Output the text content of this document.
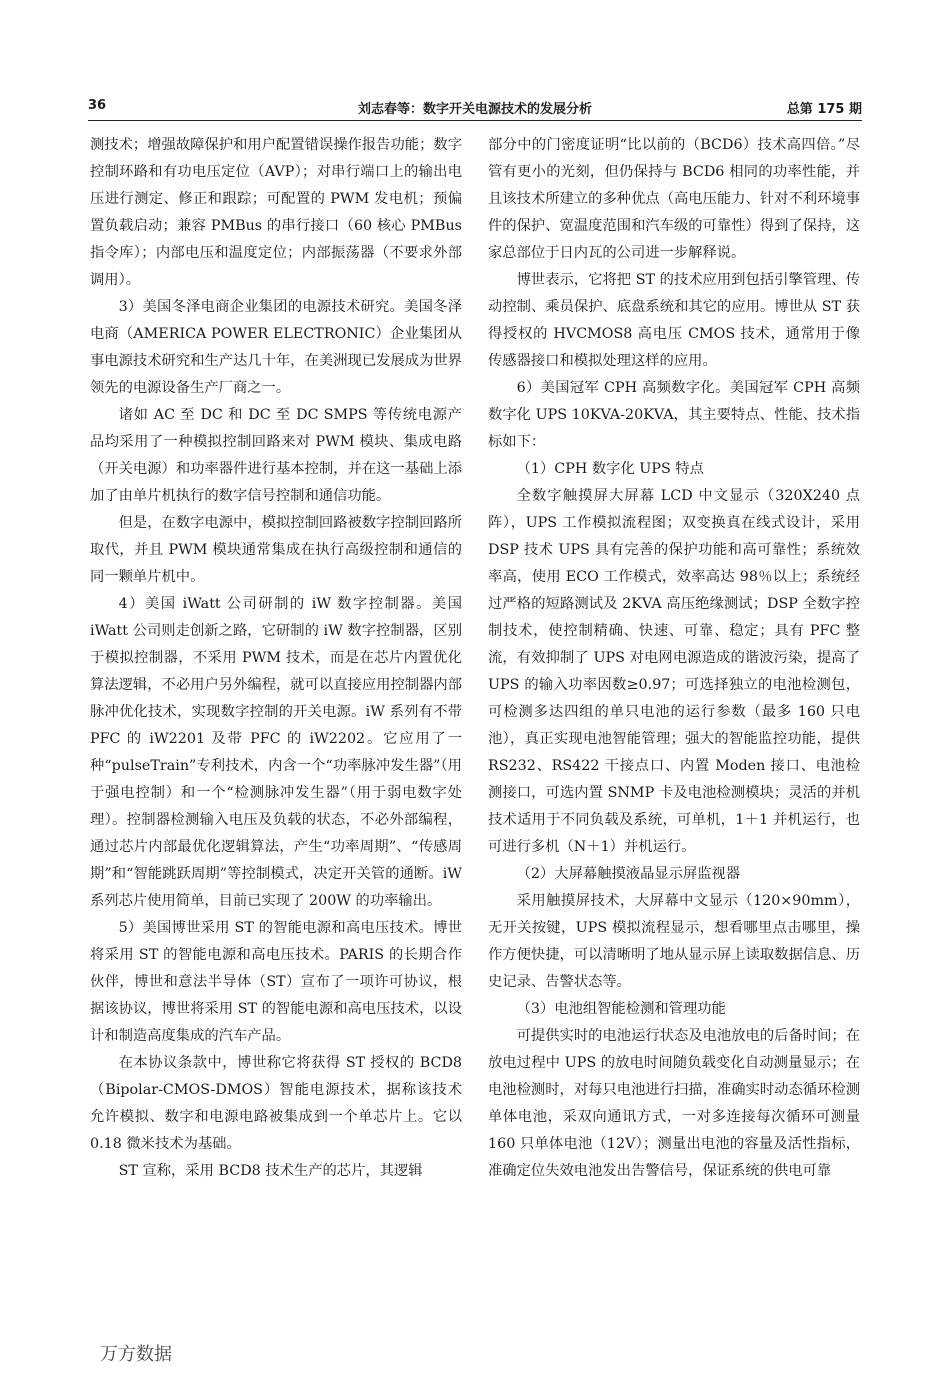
36	刘志春等：数字开关电源技术的发展分析	总第 175 期

测技术；增强故障保护和用户配置错误操作报告功能；数字控制环路和有功电压定位（AVP）；对串行端口上的输出电压进行测定、修正和跟踪；可配置的 PWM 发电机；预偏置负载启动；兼容 PMBus 的串行接口（60 核心 PMBus 指令库）；内部电压和温度定位；内部振荡器（不要求外部调用）。

3）美国冬泽电商企业集团的电源技术研究。美国冬泽电商（AMERICA POWER ELECTRONIC）企业集团从事电源技术研究和生产达几十年，在美洲现已发展成为世界领先的电源设备生产厂商之一。

诸如 AC 至 DC 和 DC 至 DC SMPS 等传统电源产品均采用了一种模拟控制回路来对 PWM 模块、集成电路（开关电源）和功率器件进行基本控制，并在这一基础上添加了由单片机执行的数字信号控制和通信功能。

但是，在数字电源中，模拟控制回路被数字控制回路所取代，并且 PWM 模块通常集成在执行高级控制和通信的同一颗单片机中。

4）美国 iWatt 公司研制的 iW 数字控制器。美国 iWatt 公司则走创新之路，它研制的 iW 数字控制器，区别于模拟控制器，不采用 PWM 技术，而是在芯片内置优化算法逻辑，不必用户另外编程，就可以直接应用控制器内部脉冲优化技术，实现数字控制的开关电源。iW 系列有不带 PFC 的 iW2201 及带 PFC 的 iW2202。它应用了一种“pulseTrain”专利技术，内含一个“功率脉冲发生器”（用于强电控制）和一个“检测脉冲发生器”（用于弱电数字处理）。控制器检测输入电压及负载的状态，不必外部编程，通过芯片内部最优化逻辑算法，产生“功率周期”、“传感周期”和“智能跳跃周期”等控制模式，决定开关管的通断。iW 系列芯片使用简单，目前已实现了 200W 的功率输出。

5）美国博世采用 ST 的智能电源和高电压技术。博世将采用 ST 的智能电源和高电压技术。PARIS 的长期合作伙伴，博世和意法半导体（ST）宣布了一项许可协议，根据该协议，博世将采用 ST 的智能电源和高电压技术，以设计和制造高度集成的汽车产品。

在本协议条款中，博世称它将获得 ST 授权的 BCD8（Bipolar-CMOS-DMOS）智能电源技术，据称该技术允许模拟、数字和电源电路被集成到一个单芯片上。它以 0.18 微米技术为基础。

ST 宣称，采用 BCD8 技术生产的芯片，其逻辑

部分中的门密度证明“比以前的（BCD6）技术高四倍。”尽管有更小的光刻，但仍保持与 BCD6 相同的功率性能，并且该技术所建立的多种优点（高电压能力、针对不利环境事件的保护、宽温度范围和汽车级的可靠性）得到了保持，这家总部位于日内瓦的公司进一步解释说。

博世表示，它将把 ST 的技术应用到包括引擎管理、传动控制、乘员保护、底盘系统和其它的应用。博世从 ST 获得授权的 HVCMOS8 高电压 CMOS 技术，通常用于像传感器接口和模拟处理这样的应用。

6）美国冠军 CPH 高频数字化。美国冠军 CPH 高频数字化 UPS 10KVA-20KVA，其主要特点、性能、技术指标如下：

（1）CPH 数字化 UPS 特点

全数字触摸屏大屏幕 LCD 中文显示（320X240 点阵），UPS 工作模拟流程图；双变换真在线式设计，采用 DSP 技术 UPS 具有完善的保护功能和高可靠性；系统效率高，使用 ECO 工作模式，效率高达 98％以上；系统经过严格的短路测试及 2KVA 高压绝缘测试；DSP 全数字控制技术，使控制精确、快速、可靠、稳定；具有 PFC 整流，有效抑制了 UPS 对电网电源造成的谐波污染，提高了 UPS 的输入功率因数≥0.97；可选择独立的电池检测包，可检测多达四组的单只电池的运行参数（最多 160 只电池），真正实现电池智能管理；强大的智能监控功能，提供 RS232、RS422 干接点口、内置 Moden 接口、电池检测接口，可选内置 SNMP 卡及电池检测模块；灵活的并机技术适用于不同负载及系统，可单机，1＋1 并机运行，也可进行多机（N＋1）并机运行。

（2）大屏幕触摸液晶显示屏监视器

采用触摸屏技术，大屏幕中文显示（120×90mm），无开关按键，UPS 模拟流程显示，想看哪里点击哪里，操作方便快捷，可以清晰明了地从显示屏上读取数据信息、历史记录、告警状态等。

（3）电池组智能检测和管理功能

可提供实时的电池运行状态及电池放电的后备时间；在放电过程中 UPS 的放电时间随负载变化自动测量显示；在电池检测时，对每只电池进行扫描，准确实时动态循环检测单体电池，采双向通讯方式，一对多连接每次循环可测量 160 只单体电池（12V）；测量出电池的容量及活性指标，准确定位失效电池发出告警信号，保证系统的供电可靠

万方数据
